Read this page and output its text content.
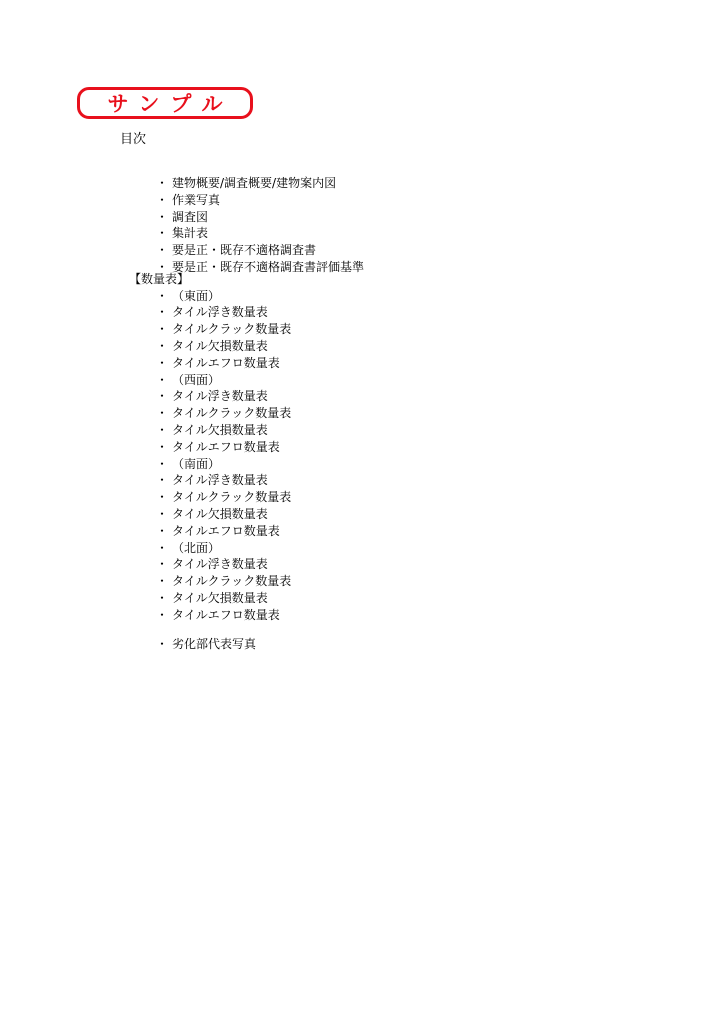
サンプル
目次
・ 建物概要/調査概要/建物案内図
・ 作業写真
・ 調査図
・ 集計表
・ 要是正・既存不適格調査書
・ 要是正・既存不適格調査書評価基準
【数量表】
・ （東面）
・ タイル浮き数量表
・ タイルクラック数量表
・ タイル欠損数量表
・ タイルエフロ数量表
・ （西面）
・ タイル浮き数量表
・ タイルクラック数量表
・ タイル欠損数量表
・ タイルエフロ数量表
・ （南面）
・ タイル浮き数量表
・ タイルクラック数量表
・ タイル欠損数量表
・ タイルエフロ数量表
・ （北面）
・ タイル浮き数量表
・ タイルクラック数量表
・ タイル欠損数量表
・ タイルエフロ数量表
・ 劣化部代表写真
